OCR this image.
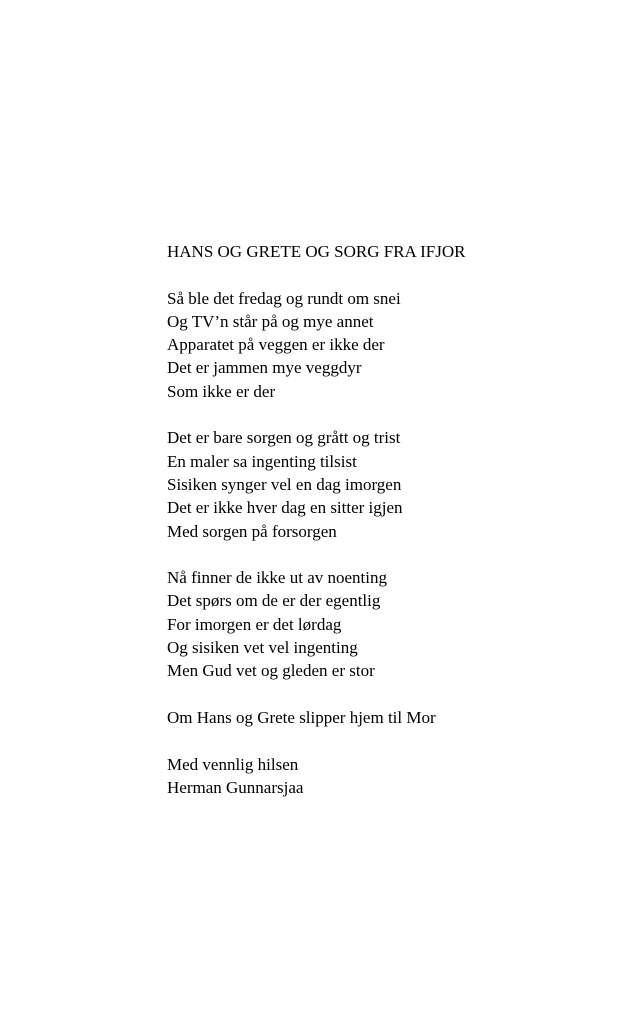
HANS OG GRETE OG SORG FRA IFJOR
Så ble det fredag og rundt om snei
Og TV’n står på og mye annet
Apparatet på veggen er ikke der
Det er jammen mye veggdyr
Som ikke er der
Det er bare sorgen og grått og trist
En maler sa ingenting tilsist
Sisiken synger vel en dag imorgen
Det er ikke hver dag en sitter igjen
Med sorgen på forsorgen
Nå finner de ikke ut av noenting
Det spørs om de er der egentlig
For imorgen er det lørdag
Og sisiken vet vel ingenting
Men Gud vet og gleden er stor
Om Hans og Grete slipper hjem til Mor
Med vennlig hilsen
Herman Gunnarsjaa
